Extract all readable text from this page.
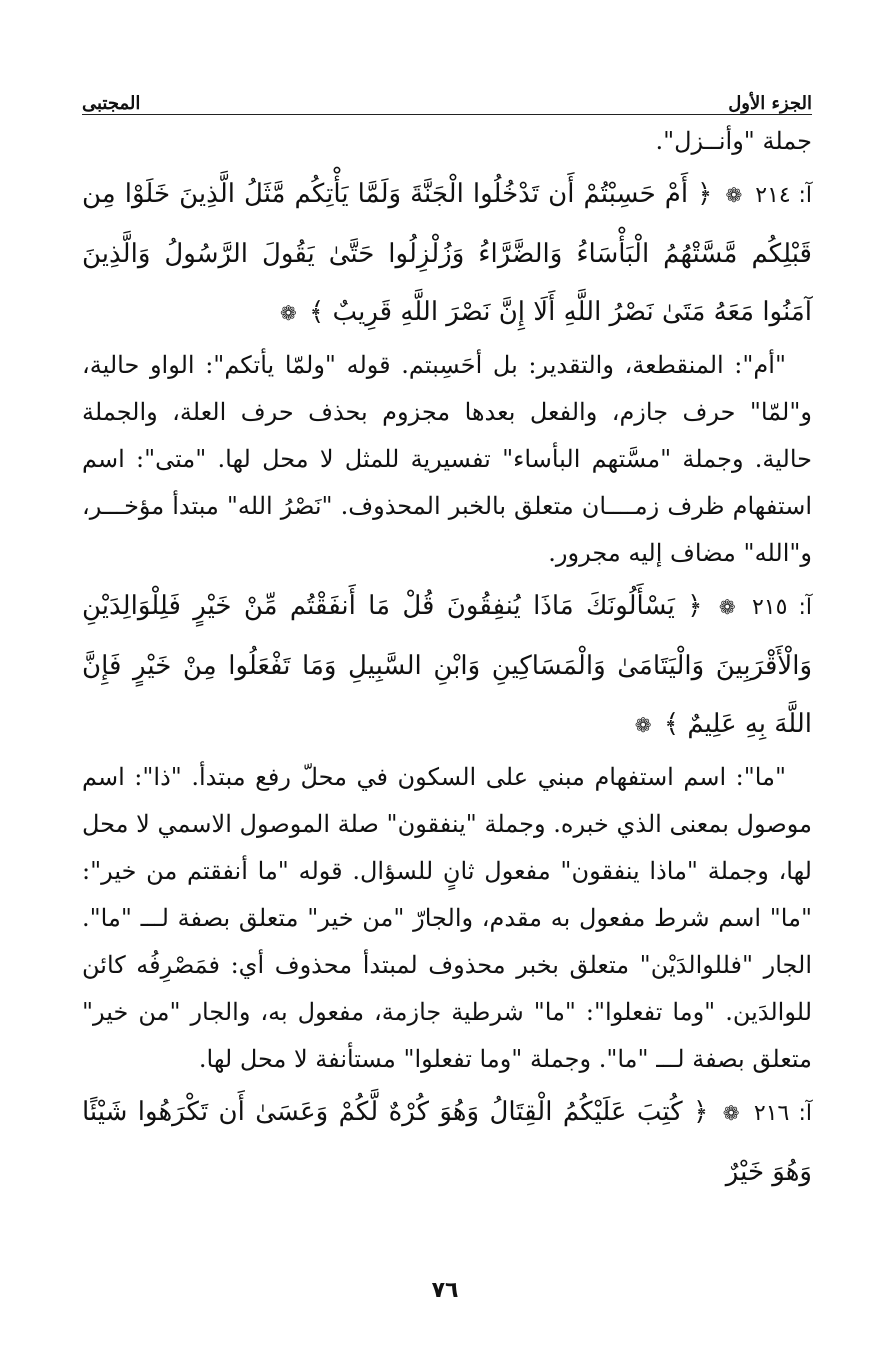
الجزء الأول
المجتبى

جملة "وأنــزل".

آ: ٢١٤ ❁ ﴿ أَمْ حَسِبْتُمْ أَن تَدْخُلُوا الْجَنَّةَ وَلَمَّا يَأْتِكُم مَّثَلُ الَّذِينَ خَلَوْا مِن قَبْلِكُم مَّسَّتْهُمُ الْبَأْسَاءُ وَالضَّرَّاءُ وَزُلْزِلُوا حَتَّىٰ يَقُولَ الرَّسُولُ وَالَّذِينَ آمَنُوا مَعَهُ مَتَىٰ نَصْرُ اللَّهِ أَلَا إِنَّ نَصْرَ اللَّهِ قَرِيبٌ ﴾ ❁

"أم": المنقطعة، والتقدير: بل أحَسِبتم. قوله "ولمّا يأتكم": الواو حالية، و"لمّا" حرف جازم، والفعل بعدها مجزوم بحذف حرف العلة، والجملة حالية. وجملة "مسَّتهم البأساء" تفسيرية للمثل لا محل لها. "متى": اسم استفهام ظرف زمــــان متعلق بالخبر المحذوف. "نَصْرُ الله" مبتدأ مؤخـــر، و"الله" مضاف إليه مجرور.

آ: ٢١٥ ❁ ﴿ يَسْأَلُونَكَ مَاذَا يُنفِقُونَ قُلْ مَا أَنفَقْتُم مِّنْ خَيْرٍ فَلِلْوَالِدَيْنِ وَالْأَقْرَبِينَ وَالْيَتَامَىٰ وَالْمَسَاكِينِ وَابْنِ السَّبِيلِ وَمَا تَفْعَلُوا مِنْ خَيْرٍ فَإِنَّ اللَّهَ بِهِ عَلِيمٌ ﴾ ❁

"ما": اسم استفهام مبني على السكون في محلّ رفع مبتدأ. "ذا": اسم موصول بمعنى الذي خبره. وجملة "ينفقون" صلة الموصول الاسمي لا محل لها، وجملة "ماذا ينفقون" مفعول ثانٍ للسؤال. قوله "ما أنفقتم من خير": "ما" اسم شرط مفعول به مقدم، والجارّ "من خير" متعلق بصفة لـــ "ما". الجار "فللوالدَيْن" متعلق بخبر محذوف لمبتدأ محذوف أي: فمَصْرِفُه كائن للوالدَين. "وما تفعلوا": "ما" شرطية جازمة، مفعول به، والجار "من خير" متعلق بصفة لـــ "ما". وجملة "وما تفعلوا" مستأنفة لا محل لها.

آ: ٢١٦ ❁ ﴿ كُتِبَ عَلَيْكُمُ الْقِتَالُ وَهُوَ كُرْهٌ لَّكُمْ وَعَسَىٰ أَن تَكْرَهُوا شَيْئًا وَهُوَ خَيْرٌ

٧٦
